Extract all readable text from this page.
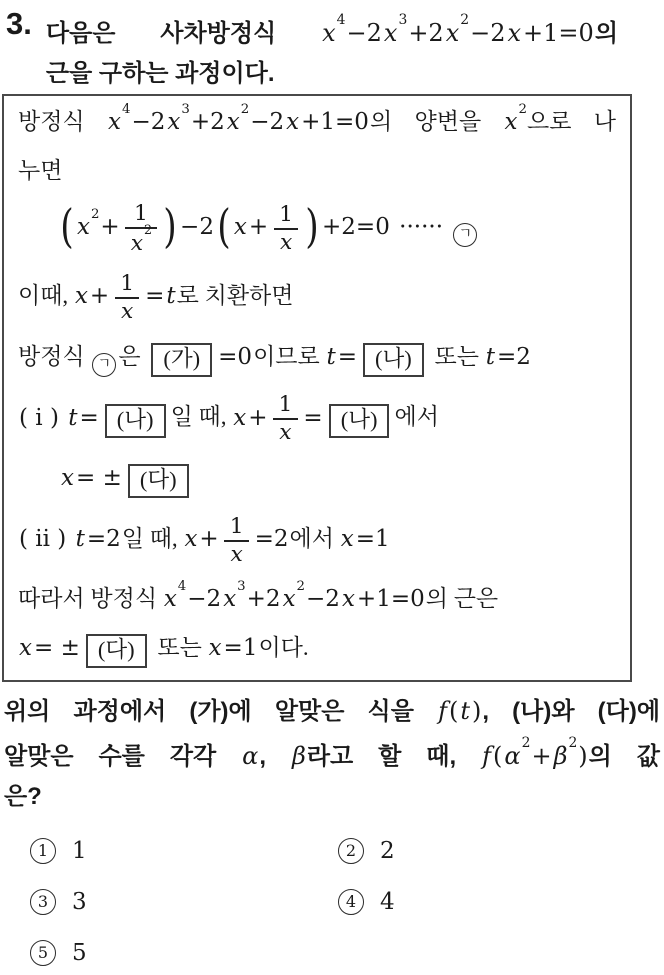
3. 다음은 사차방정식 $x^4-2x^3+2x^2-2x+1=0$의
근을 구하는 과정이다.
방정식 $x^4-2x^3+2x^2-2x+1=0$의 양변을 $x^2$으로 나
누면
( $x^2+ \frac{1}{x^2}$ ) −2( $x+ \frac{1}{x}$ ) +2=0 ······ ㄱ
이때, $x+ \frac{1}{x} =t$로 치환하면
방정식 ㄱ 은 (가) =0이므로 t= (나) 또는 t=2
( i ) t= (나) 일 때, $x+ \frac{1}{x}$ = (나) 에서
x= ± (다)
( ii ) t=2일 때, $x+ \frac{1}{x} =2$에서 x=1
따라서 방정식 $x^4-2x^3+2x^2-2x+1=0$의 근은
x= ± (다) 또는 x=1이다.
위의 과정에서 (가)에 알맞은 식을 f(t), (나)와 (다)에
알맞은 수를 각각 α, β라고 할 때, $f(\alpha^2+\beta^2)$의 값
은?
1	1	2	2
3	3	4	4
5	5
